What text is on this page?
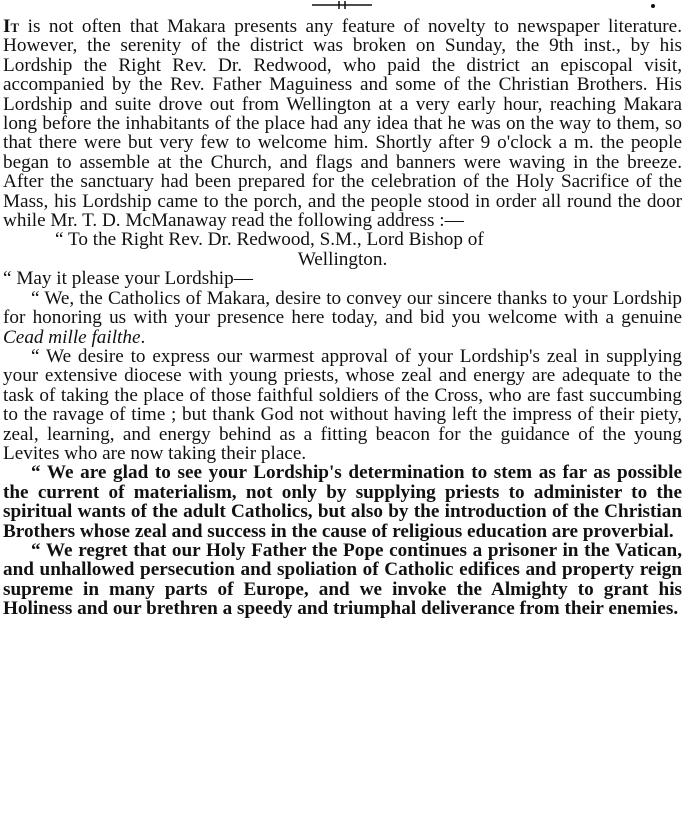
It is not often that Makara presents any feature of novelty to newspaper literature. However, the serenity of the district was broken on Sunday, the 9th inst., by his Lordship the Right Rev. Dr. Redwood, who paid the district an episcopal visit, accompanied by the Rev. Father Maguiness and some of the Christian Brothers. His Lordship and suite drove out from Wellington at a very early hour, reaching Makara long before the inhabitants of the place had any idea that he was on the way to them, so that there were but very few to welcome him. Shortly after 9 o'clock a m. the people began to assemble at the Church, and flags and banners were waving in the breeze. After the sanctuary had been prepared for the celebration of the Holy Sacrifice of the Mass, his Lordship came to the porch, and the people stood in order all round the door while Mr. T. D. McManaway read the following address :—

“ To the Right Rev. Dr. Redwood, S.M., Lord Bishop of

Wellington.

“ May it please your Lordship—

“ We, the Catholics of Makara, desire to convey our sincere thanks to your Lordship for honoring us with your presence here today, and bid you welcome with a genuine Cead mille failthe.

“ We desire to express our warmest approval of your Lordship's zeal in supplying your extensive diocese with young priests, whose zeal and energy are adequate to the task of taking the place of those faithful soldiers of the Cross, who are fast succumbing to the ravage of time ; but thank God not without having left the impress of their piety, zeal, learning, and energy behind as a fitting beacon for the guidance of the young Levites who are now taking their place.

“ We are glad to see your Lordship's determination to stem as far as possible the current of materialism, not only by supplying priests to administer to the spiritual wants of the adult Catholics, but also by the introduction of the Christian Brothers whose zeal and success in the cause of religious education are proverbial.

“ We regret that our Holy Father the Pope continues a prisoner in the Vatican, and unhallowed persecution and spoliation of Catholic edifices and property reign supreme in many parts of Europe, and we invoke the Almighty to grant his Holiness and our brethren a speedy and triumphal deliverance from their enemies.
